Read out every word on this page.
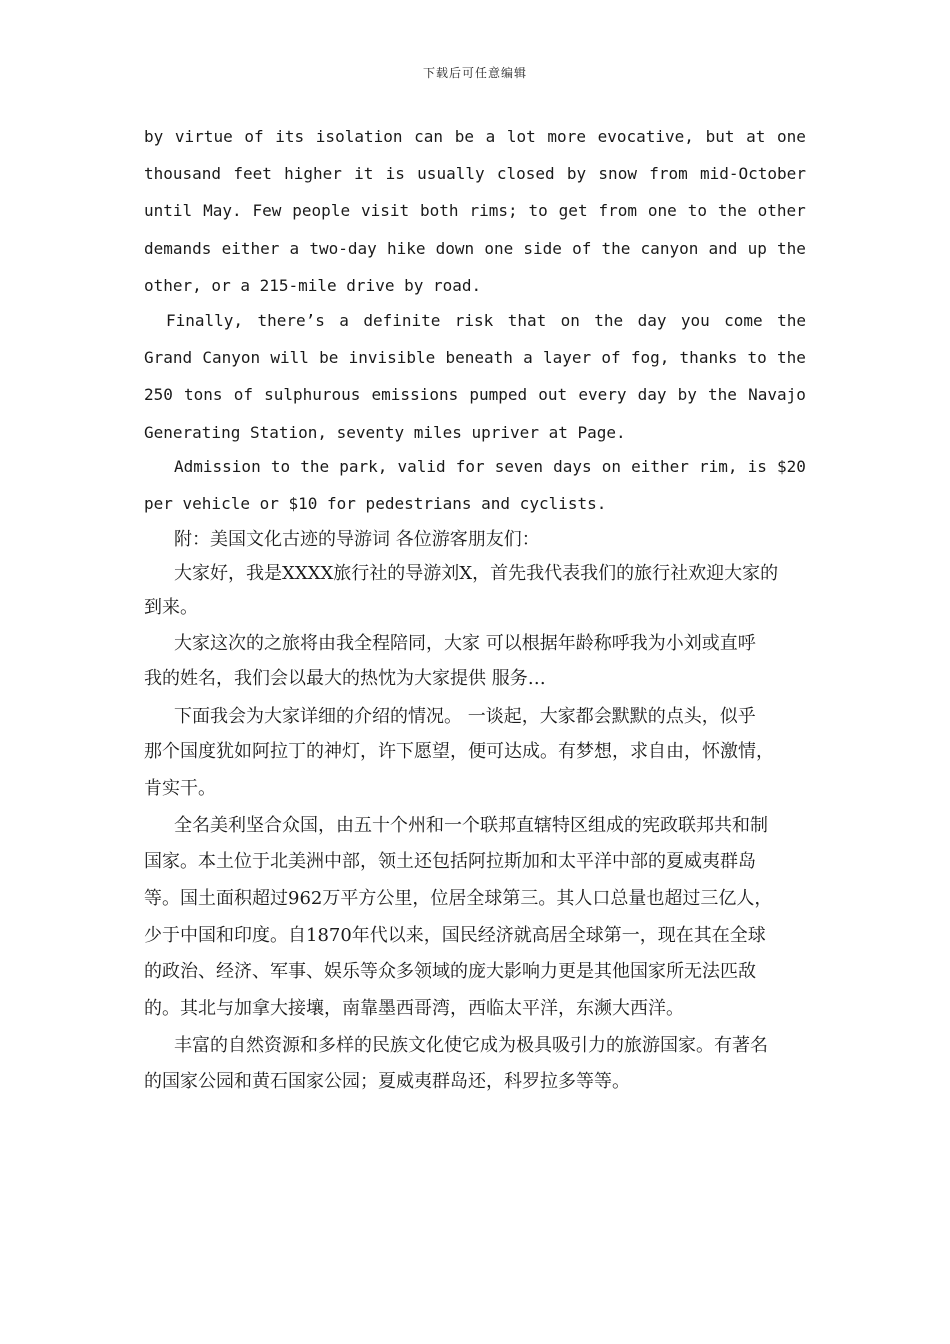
下载后可任意编辑
by virtue of its isolation can be a lot more evocative, but at one
thousand feet higher it is usually closed by snow from mid-October
until May. Few people visit both rims; to get from one to the other
demands either a two-day hike down one side of the canyon and up the
other, or a 215-mile drive by road.
Finally, there’s a definite risk that on the day you come the
Grand Canyon will be invisible beneath a layer of fog, thanks to the
250 tons of sulphurous emissions pumped out every day by the Navajo
Generating Station, seventy miles upriver at Page.
Admission to the park, valid for seven days on either rim, is $20
per vehicle or $10 for pedestrians and cyclists.
附：美国文化古迹的导游词 各位游客朋友们：
大家好，我是XXXX旅行社的导游刘X，首先我代表我们的旅行社欢迎大家的
到来。
大家这次的之旅将由我全程陪同，大家 可以根据年龄称呼我为小刘或直呼
我的姓名，我们会以最大的热忱为大家提供 服务…
下面我会为大家详细的介绍的情况。 一谈起，大家都会默默的点头，似乎
那个国度犹如阿拉丁的神灯，许下愿望，便可达成。有梦想，求自由，怀激情，
肯实干。
全名美利坚合众国，由五十个州和一个联邦直辖特区组成的宪政联邦共和制
国家。本土位于北美洲中部，领土还包括阿拉斯加和太平洋中部的夏威夷群岛
等。国土面积超过962万平方公里，位居全球第三。其人口总量也超过三亿人，
少于中国和印度。自1870年代以来，国民经济就高居全球第一，现在其在全球
的政治、经济、军事、娱乐等众多领域的庞大影响力更是其他国家所无法匹敌
的。其北与加拿大接壤，南靠墨西哥湾，西临太平洋，东濒大西洋。
丰富的自然资源和多样的民族文化使它成为极具吸引力的旅游国家。有著名
的国家公园和黄石国家公园；夏威夷群岛还，科罗拉多等等。
